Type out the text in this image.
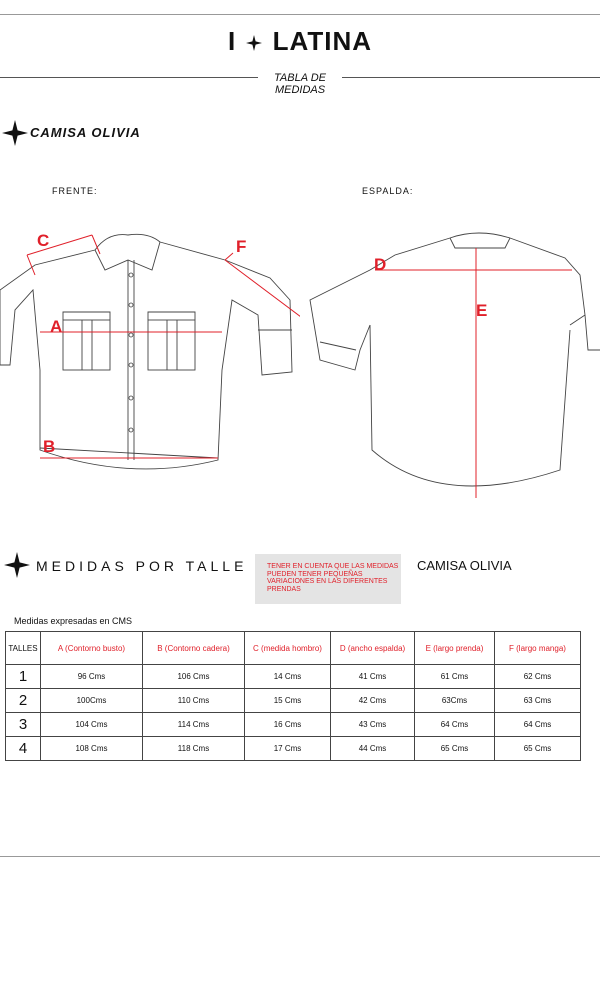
I LATINA
TABLA DE
MEDIDAS
CAMISA OLIVIA
FRENTE:	ESPALDA:
C
A
B
F
D
E
MEDIDAS POR TALLE	TENER EN CUENTA QUE LAS MEDIDAS PUEDEN TENER PEQUEÑAS VARIACIONES EN LAS DIFERENTES PRENDAS
CAMISA OLIVIA
Medidas expresadas en CMS
TALLES	A (Contorno busto)	B (Contorno cadera)	C (medida hombro)	D (ancho espalda)	E (largo prenda)	F (largo manga)
1	96 Cms	106 Cms	14 Cms	41 Cms	61 Cms	62 Cms
2	100Cms	110 Cms	15 Cms	42 Cms	63Cms	63 Cms
3	104 Cms	114 Cms	16 Cms	43 Cms	64 Cms	64 Cms
4	108 Cms	118 Cms	17 Cms	44 Cms	65 Cms	65 Cms
